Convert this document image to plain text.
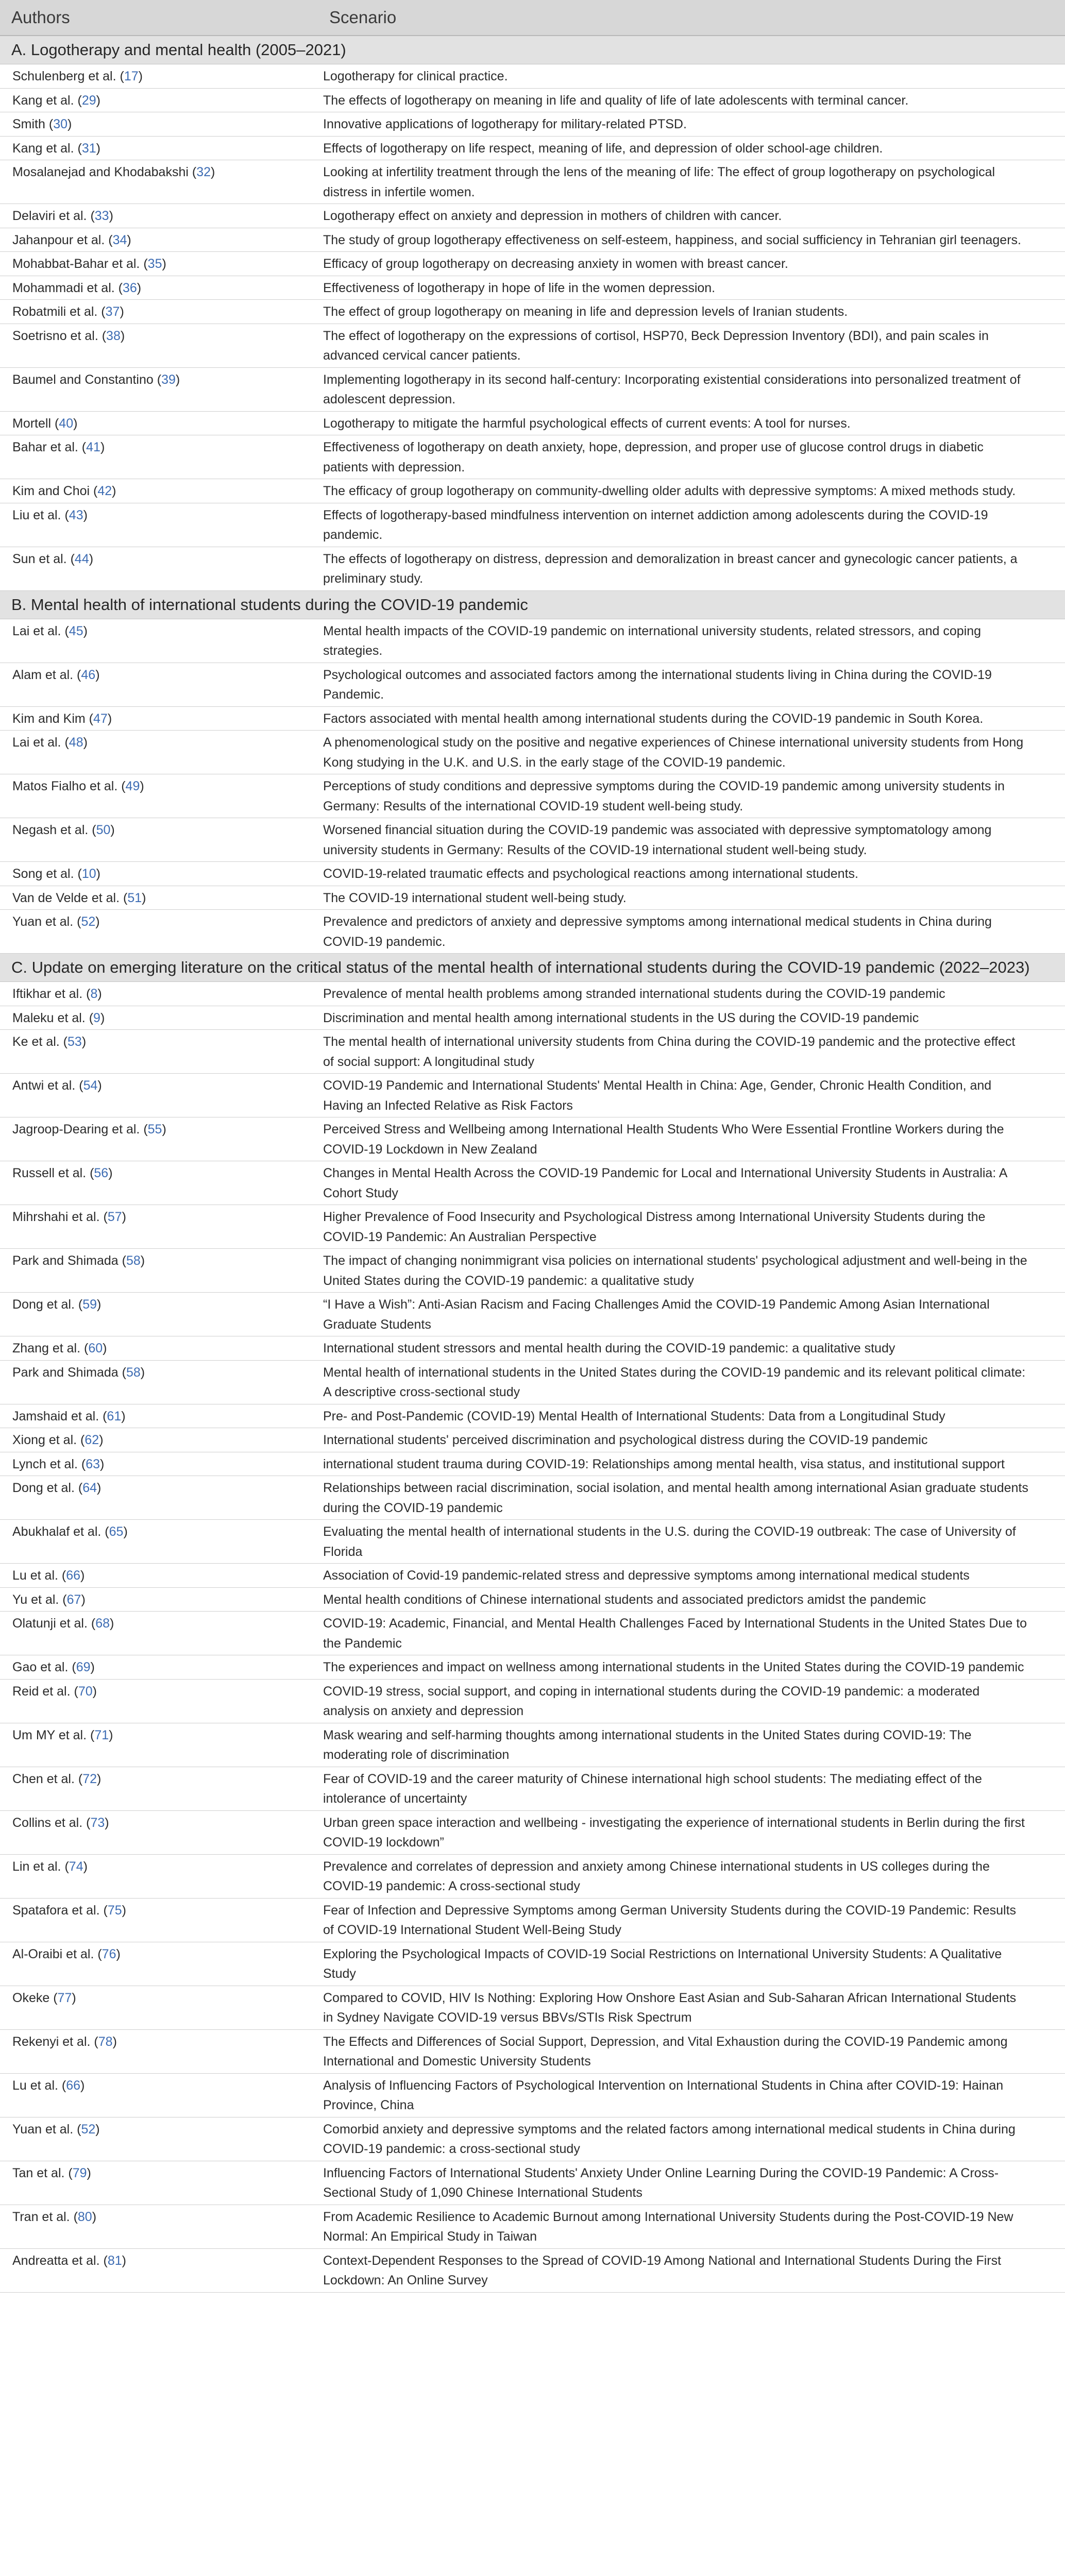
Authors	Scenario
A. Logotherapy and mental health (2005–2021)	
Schulenberg et al. (17)	Logotherapy for clinical practice.
Kang et al. (29)	The effects of logotherapy on meaning in life and quality of life of late adolescents with terminal cancer.
Smith (30)	Innovative applications of logotherapy for military-related PTSD.
Kang et al. (31)	Effects of logotherapy on life respect, meaning of life, and depression of older school-age children.
Mosalanejad and Khodabakshi (32)	Looking at infertility treatment through the lens of the meaning of life: The effect of group logotherapy on psychological distress in infertile women.
Delaviri et al. (33)	Logotherapy effect on anxiety and depression in mothers of children with cancer.
Jahanpour et al. (34)	The study of group logotherapy effectiveness on self-esteem, happiness, and social sufficiency in Tehranian girl teenagers.
Mohabbat-Bahar et al. (35)	Efficacy of group logotherapy on decreasing anxiety in women with breast cancer.
Mohammadi et al. (36)	Effectiveness of logotherapy in hope of life in the women depression.
Robatmili et al. (37)	The effect of group logotherapy on meaning in life and depression levels of Iranian students.
Soetrisno et al. (38)	The effect of logotherapy on the expressions of cortisol, HSP70, Beck Depression Inventory (BDI), and pain scales in advanced cervical cancer patients.
Baumel and Constantino (39)	Implementing logotherapy in its second half-century: Incorporating existential considerations into personalized treatment of adolescent depression.
Mortell (40)	Logotherapy to mitigate the harmful psychological effects of current events: A tool for nurses.
Bahar et al. (41)	Effectiveness of logotherapy on death anxiety, hope, depression, and proper use of glucose control drugs in diabetic patients with depression.
Kim and Choi (42)	The efficacy of group logotherapy on community-dwelling older adults with depressive symptoms: A mixed methods study.
Liu et al. (43)	Effects of logotherapy-based mindfulness intervention on internet addiction among adolescents during the COVID-19 pandemic.
Sun et al. (44)	The effects of logotherapy on distress, depression and demoralization in breast cancer and gynecologic cancer patients, a preliminary study.
B. Mental health of international students during the COVID-19 pandemic	
Lai et al. (45)	Mental health impacts of the COVID-19 pandemic on international university students, related stressors, and coping strategies.
Alam et al. (46)	Psychological outcomes and associated factors among the international students living in China during the COVID-19 Pandemic.
Kim and Kim (47)	Factors associated with mental health among international students during the COVID-19 pandemic in South Korea.
Lai et al. (48)	A phenomenological study on the positive and negative experiences of Chinese international university students from Hong Kong studying in the U.K. and U.S. in the early stage of the COVID-19 pandemic.
Matos Fialho et al. (49)	Perceptions of study conditions and depressive symptoms during the COVID-19 pandemic among university students in Germany: Results of the international COVID-19 student well-being study.
Negash et al. (50)	Worsened financial situation during the COVID-19 pandemic was associated with depressive symptomatology among university students in Germany: Results of the COVID-19 international student well-being study.
Song et al. (10)	COVID-19-related traumatic effects and psychological reactions among international students.
Van de Velde et al. (51)	The COVID-19 international student well-being study.
Yuan et al. (52)	Prevalence and predictors of anxiety and depressive symptoms among international medical students in China during COVID-19 pandemic.
C. Update on emerging literature on the critical status of the mental health of international students during the COVID-19 pandemic (2022–2023)	
Iftikhar et al. (8)	Prevalence of mental health problems among stranded international students during the COVID-19 pandemic
Maleku et al. (9)	Discrimination and mental health among international students in the US during the COVID-19 pandemic
Ke et al. (53)	The mental health of international university students from China during the COVID-19 pandemic and the protective effect of social support: A longitudinal study
Antwi et al. (54)	COVID-19 Pandemic and International Students' Mental Health in China: Age, Gender, Chronic Health Condition, and Having an Infected Relative as Risk Factors
Jagroop-Dearing et al. (55)	Perceived Stress and Wellbeing among International Health Students Who Were Essential Frontline Workers during the COVID-19 Lockdown in New Zealand
Russell et al. (56)	Changes in Mental Health Across the COVID-19 Pandemic for Local and International University Students in Australia: A Cohort Study
Mihrshahi et al. (57)	Higher Prevalence of Food Insecurity and Psychological Distress among International University Students during the COVID-19 Pandemic: An Australian Perspective
Park and Shimada (58)	The impact of changing nonimmigrant visa policies on international students' psychological adjustment and well-being in the United States during the COVID-19 pandemic: a qualitative study
Dong et al. (59)	“I Have a Wish”: Anti-Asian Racism and Facing Challenges Amid the COVID-19 Pandemic Among Asian International Graduate Students
Zhang et al. (60)	International student stressors and mental health during the COVID-19 pandemic: a qualitative study
Park and Shimada (58)	Mental health of international students in the United States during the COVID-19 pandemic and its relevant political climate: A descriptive cross-sectional study
Jamshaid et al. (61)	Pre- and Post-Pandemic (COVID-19) Mental Health of International Students: Data from a Longitudinal Study
Xiong et al. (62)	International students' perceived discrimination and psychological distress during the COVID-19 pandemic
Lynch et al. (63)	international student trauma during COVID-19: Relationships among mental health, visa status, and institutional support
Dong et al. (64)	Relationships between racial discrimination, social isolation, and mental health among international Asian graduate students during the COVID-19 pandemic
Abukhalaf et al. (65)	Evaluating the mental health of international students in the U.S. during the COVID-19 outbreak: The case of University of Florida
Lu et al. (66)	Association of Covid-19 pandemic-related stress and depressive symptoms among international medical students
Yu et al. (67)	Mental health conditions of Chinese international students and associated predictors amidst the pandemic
Olatunji et al. (68)	COVID-19: Academic, Financial, and Mental Health Challenges Faced by International Students in the United States Due to the Pandemic
Gao et al. (69)	The experiences and impact on wellness among international students in the United States during the COVID-19 pandemic
Reid et al. (70)	COVID-19 stress, social support, and coping in international students during the COVID-19 pandemic: a moderated analysis on anxiety and depression
Um MY et al. (71)	Mask wearing and self-harming thoughts among international students in the United States during COVID-19: The moderating role of discrimination
Chen et al. (72)	Fear of COVID-19 and the career maturity of Chinese international high school students: The mediating effect of the intolerance of uncertainty
Collins et al. (73)	Urban green space interaction and wellbeing - investigating the experience of international students in Berlin during the first COVID-19 lockdown”
Lin et al. (74)	Prevalence and correlates of depression and anxiety among Chinese international students in US colleges during the COVID-19 pandemic: A cross-sectional study
Spatafora et al. (75)	Fear of Infection and Depressive Symptoms among German University Students during the COVID-19 Pandemic: Results of COVID-19 International Student Well-Being Study
Al-Oraibi et al. (76)	Exploring the Psychological Impacts of COVID-19 Social Restrictions on International University Students: A Qualitative Study
Okeke (77)	Compared to COVID, HIV Is Nothing: Exploring How Onshore East Asian and Sub-Saharan African International Students in Sydney Navigate COVID-19 versus BBVs/STIs Risk Spectrum
Rekenyi et al. (78)	The Effects and Differences of Social Support, Depression, and Vital Exhaustion during the COVID-19 Pandemic among International and Domestic University Students
Lu et al. (66)	Analysis of Influencing Factors of Psychological Intervention on International Students in China after COVID-19: Hainan Province, China
Yuan et al. (52)	Comorbid anxiety and depressive symptoms and the related factors among international medical students in China during COVID-19 pandemic: a cross-sectional study
Tan et al. (79)	Influencing Factors of International Students' Anxiety Under Online Learning During the COVID-19 Pandemic: A Cross-Sectional Study of 1,090 Chinese International Students
Tran et al. (80)	From Academic Resilience to Academic Burnout among International University Students during the Post-COVID-19 New Normal: An Empirical Study in Taiwan
Andreatta et al. (81)	Context-Dependent Responses to the Spread of COVID-19 Among National and International Students During the First Lockdown: An Online Survey
